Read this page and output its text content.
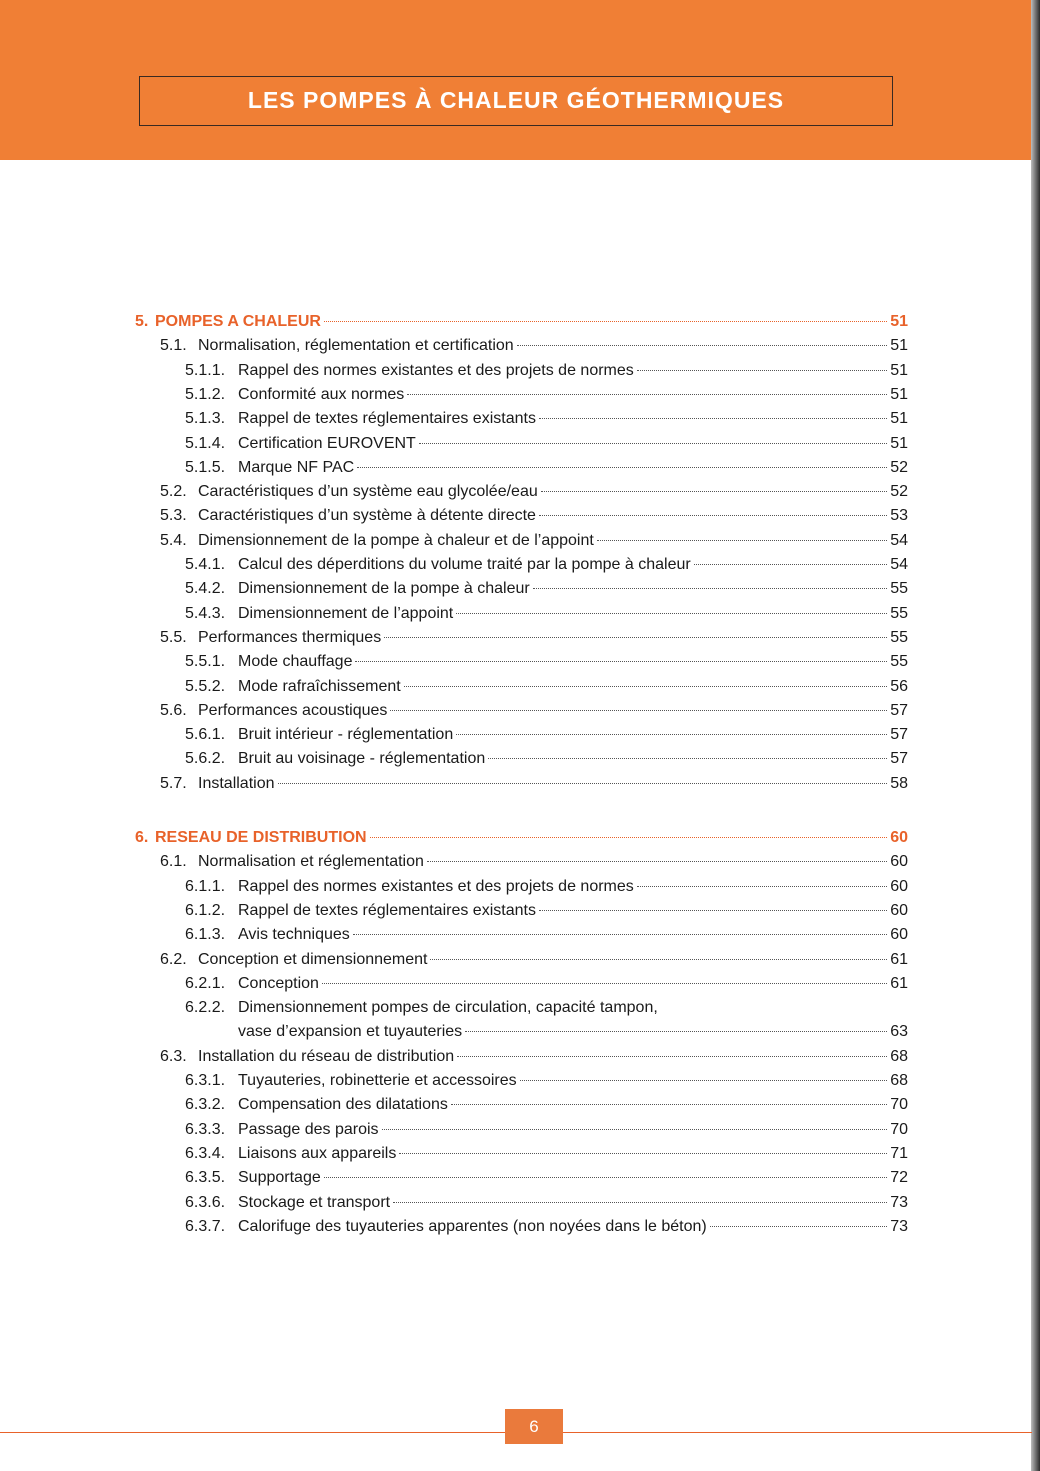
LES POMPES À CHALEUR GÉOTHERMIQUES
5. POMPES A CHALEUR	51
5.1. Normalisation, réglementation et certification	51
5.1.1. Rappel des normes existantes et des projets de normes	51
5.1.2. Conformité aux normes	51
5.1.3. Rappel de textes réglementaires existants	51
5.1.4. Certification EUROVENT	51
5.1.5. Marque NF PAC	52
5.2. Caractéristiques d’un système eau glycolée/eau	52
5.3. Caractéristiques d’un système à détente directe	53
5.4. Dimensionnement de la pompe à chaleur et de l’appoint	54
5.4.1. Calcul des déperditions du volume traité par la pompe à chaleur	54
5.4.2. Dimensionnement de la pompe à chaleur	55
5.4.3. Dimensionnement de l’appoint	55
5.5. Performances thermiques	55
5.5.1. Mode chauffage	55
5.5.2. Mode rafraîchissement	56
5.6. Performances acoustiques	57
5.6.1. Bruit intérieur - réglementation	57
5.6.2. Bruit au voisinage - réglementation	57
5.7. Installation	58
6. RESEAU DE DISTRIBUTION	60
6.1. Normalisation et réglementation	60
6.1.1. Rappel des normes existantes et des projets de normes	60
6.1.2. Rappel de textes réglementaires existants	60
6.1.3. Avis techniques	60
6.2. Conception et dimensionnement	61
6.2.1. Conception	61
6.2.2. Dimensionnement pompes de circulation, capacité tampon,
vase d’expansion et tuyauteries	63
6.3. Installation du réseau de distribution	68
6.3.1. Tuyauteries, robinetterie et accessoires	68
6.3.2. Compensation des dilatations	70
6.3.3. Passage des parois	70
6.3.4. Liaisons aux appareils	71
6.3.5. Supportage	72
6.3.6. Stockage et transport	73
6.3.7. Calorifuge des tuyauteries apparentes (non noyées dans le béton)	73
6
